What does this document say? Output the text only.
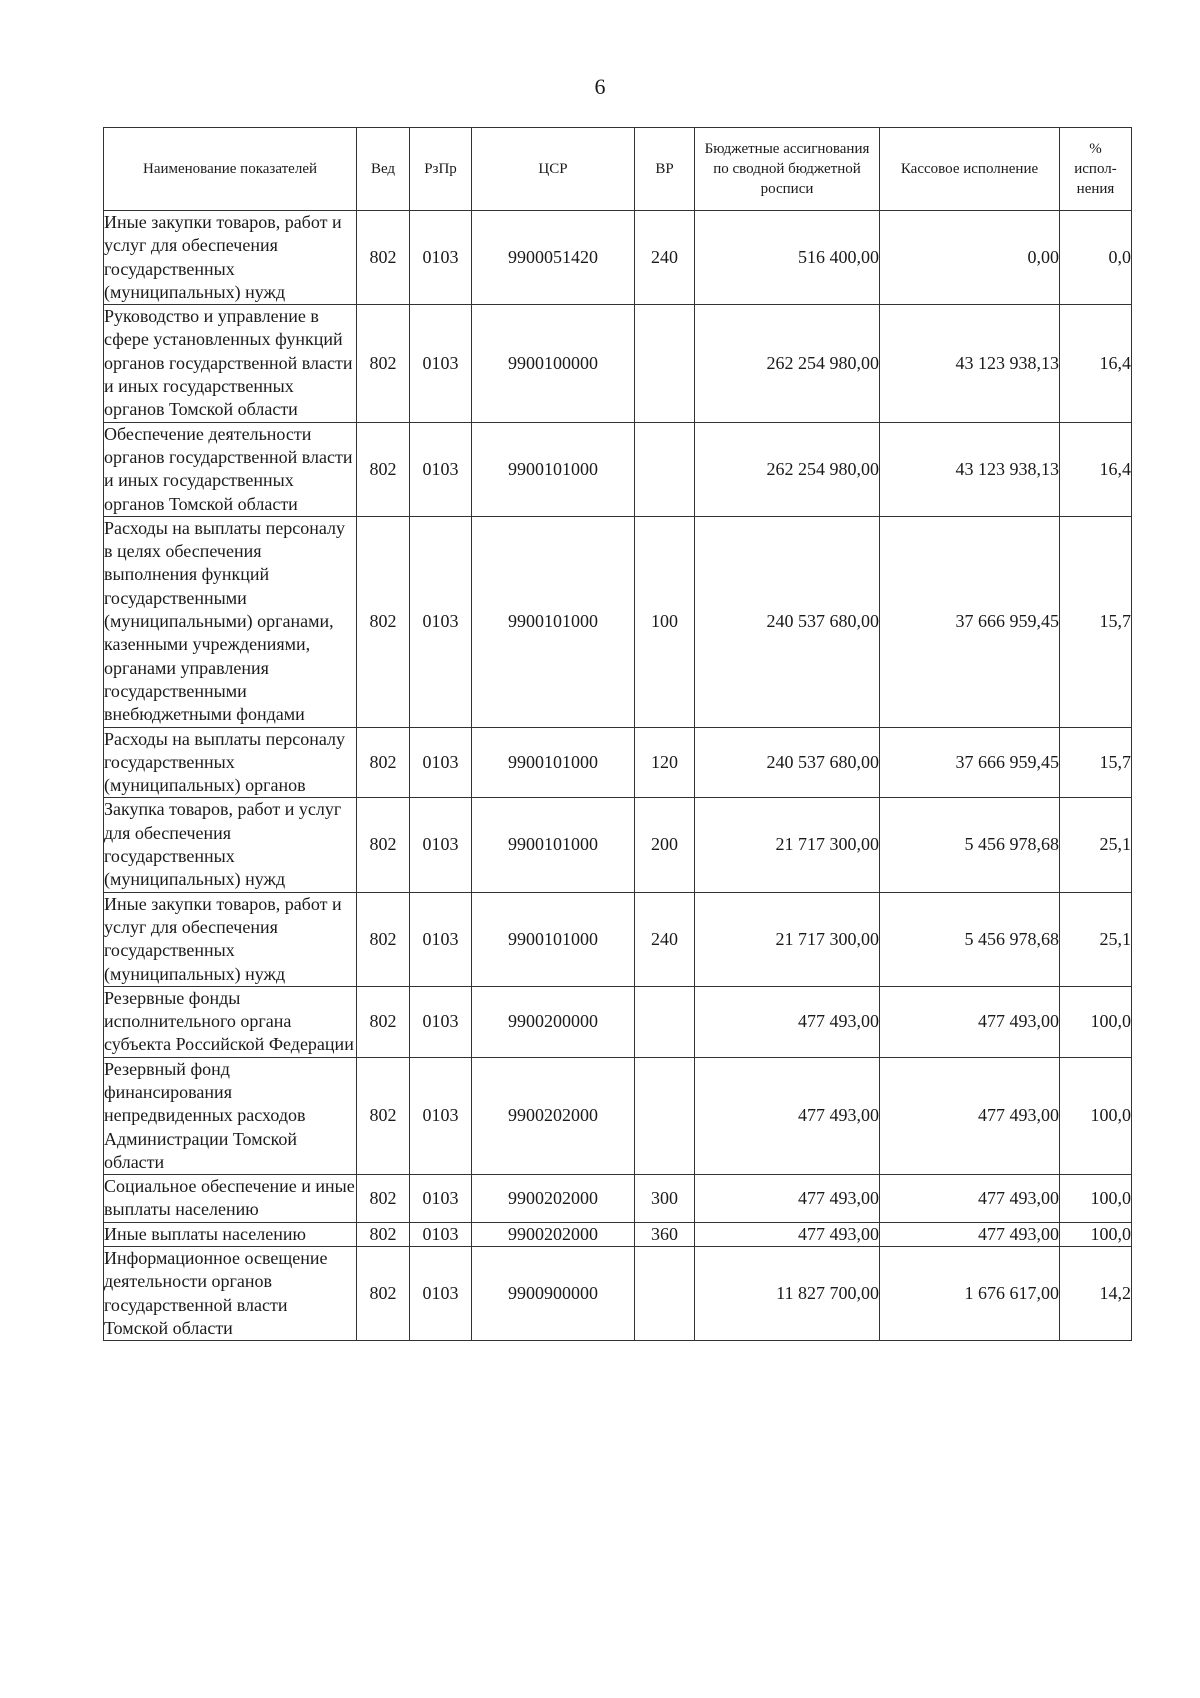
6
Наименование показателей	Вед	РзПр	ЦСР	ВР	Бюджетные ассигнования по сводной бюджетной росписи	Кассовое исполнение	% испол-нения
Иные закупки товаров, работ и услуг для обеспечения государственных (муниципальных) нужд	802	0103	9900051420	240	516 400,00	0,00	0,0
Руководство и управление в сфере установленных функций органов государственной власти и иных государственных органов Томской области	802	0103	9900100000		262 254 980,00	43 123 938,13	16,4
Обеспечение деятельности органов государственной власти и иных государственных органов Томской области	802	0103	9900101000		262 254 980,00	43 123 938,13	16,4
Расходы на выплаты персоналу в целях обеспечения выполнения функций государственными (муниципальными) органами, казенными учреждениями, органами управления государственными внебюджетными фондами	802	0103	9900101000	100	240 537 680,00	37 666 959,45	15,7
Расходы на выплаты персоналу государственных (муниципальных) органов	802	0103	9900101000	120	240 537 680,00	37 666 959,45	15,7
Закупка товаров, работ и услуг для обеспечения государственных (муниципальных) нужд	802	0103	9900101000	200	21 717 300,00	5 456 978,68	25,1
Иные закупки товаров, работ и услуг для обеспечения государственных (муниципальных) нужд	802	0103	9900101000	240	21 717 300,00	5 456 978,68	25,1
Резервные фонды исполнительного органа субъекта Российской Федерации	802	0103	9900200000		477 493,00	477 493,00	100,0
Резервный фонд финансирования непредвиденных расходов Администрации Томской области	802	0103	9900202000		477 493,00	477 493,00	100,0
Социальное обеспечение и иные выплаты населению	802	0103	9900202000	300	477 493,00	477 493,00	100,0
Иные выплаты населению	802	0103	9900202000	360	477 493,00	477 493,00	100,0
Информационное освещение деятельности органов государственной власти Томской области	802	0103	9900900000		11 827 700,00	1 676 617,00	14,2
